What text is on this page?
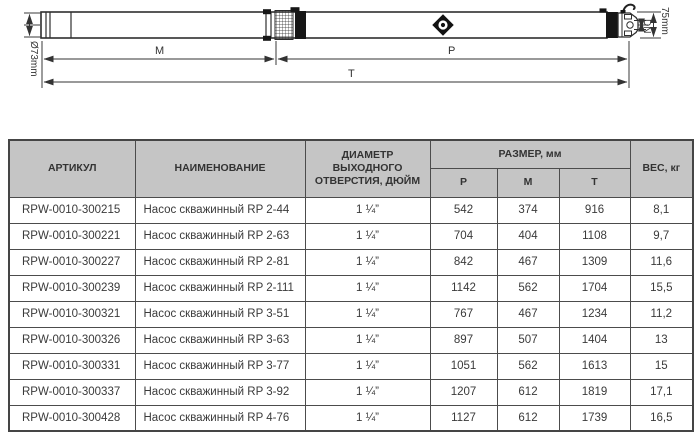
M	P
T
Ø73mm
DN 75mm
АРТИКУЛ	НАИМЕНОВАНИЕ	ДИАМЕТР ВЫХОДНОГО ОТВЕРСТИЯ, ДЮЙМ	РАЗМЕР, мм			ВЕС, кг
			Р	М	Т	
RPW-0010-300215	Насос скважинный RP 2-44	1 ¼”	542	374	916	8,1
RPW-0010-300221	Насос скважинный RP 2-63	1 ¼”	704	404	1108	9,7
RPW-0010-300227	Насос скважинный RP 2-81	1 ¼”	842	467	1309	11,6
RPW-0010-300239	Насос скважинный RP 2-111	1 ¼”	1142	562	1704	15,5
RPW-0010-300321	Насос скважинный RP 3-51	1 ¼”	767	467	1234	11,2
RPW-0010-300326	Насос скважинный RP 3-63	1 ¼”	897	507	1404	13
RPW-0010-300331	Насос скважинный RP 3-77	1 ¼”	1051	562	1613	15
RPW-0010-300337	Насос скважинный RP 3-92	1 ¼”	1207	612	1819	17,1
RPW-0010-300428	Насос скважинный RP 4-76	1 ¼”	1127	612	1739	16,5
